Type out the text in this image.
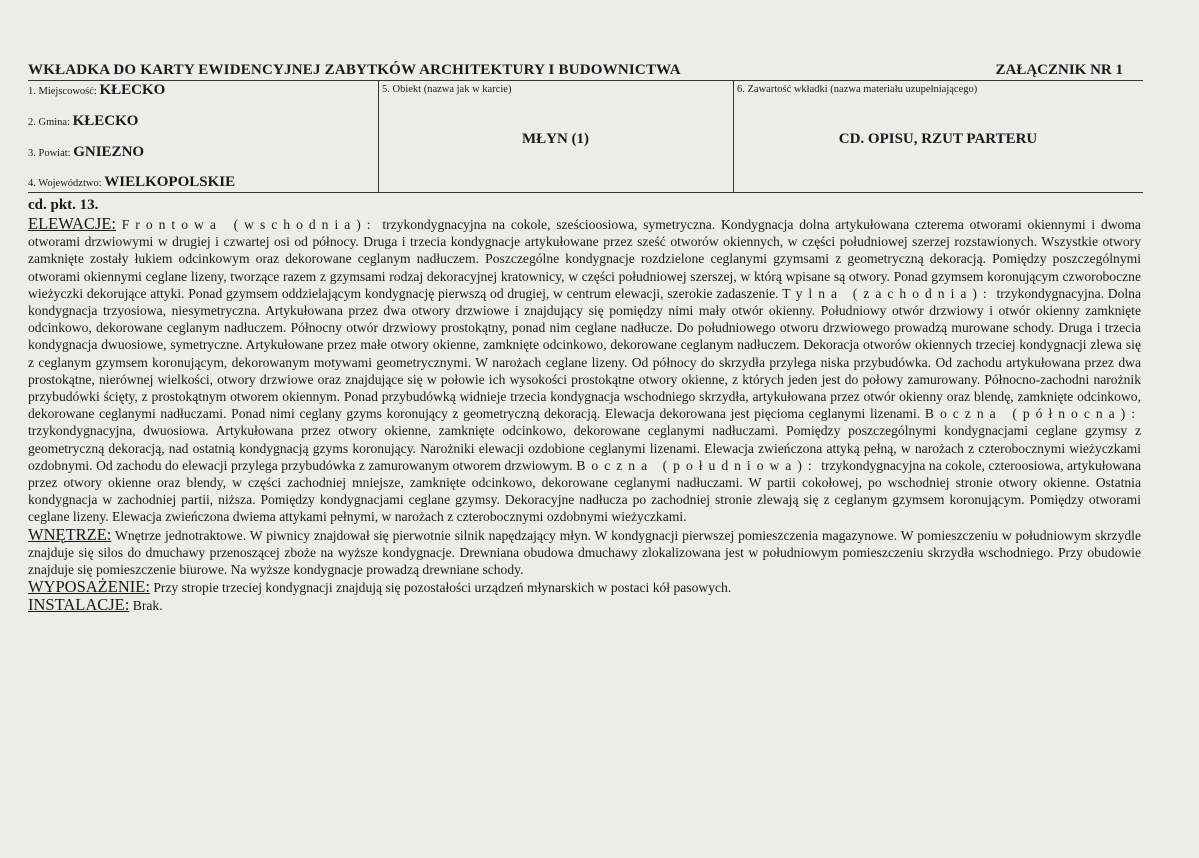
WKŁADKA DO KARTY EWIDENCYJNEJ ZABYTKÓW ARCHITEKTURY I BUDOWNICTWA	ZAŁĄCZNIK NR 1
1. Miejscowość: KŁECKO
2. Gmina: KŁECKO
3. Powiat: GNIEZNO
4. Województwo: WIELKOPOLSKIE
5. Obiekt (nazwa jak w karcie)
MŁYN (1)
6. Zawartość wkładki (nazwa materiału uzupełniającego)
CD. OPISU, RZUT PARTERU
cd. pkt. 13.

ELEWACJE: Frontowa (wschodnia): trzykondygnacyjna na cokole, sześcioosiowa, symetryczna. Kondygnacja dolna artykułowana czterema otworami okiennymi i dwoma otworami drzwiowymi w drugiej i czwartej osi od północy. Druga i trzecia kondygnacje artykułowane przez sześć otworów okiennych, w części południowej szerzej rozstawionych. Wszystkie otwory zamknięte zostały łukiem odcinkowym oraz dekorowane ceglanym nadłuczem. Poszczególne kondygnacje rozdzielone ceglanymi gzymsami z geometryczną dekoracją. Pomiędzy poszczególnymi otworami okiennymi ceglane lizeny, tworzące razem z gzymsami rodzaj dekoracyjnej kratownicy, w części południowej szerszej, w którą wpisane są otwory. Ponad gzymsem koronującym czworoboczne wieżyczki dekorujące attyki. Ponad gzymsem oddzielającym kondygnację pierwszą od drugiej, w centrum elewacji, szerokie zadaszenie. Tylna (zachodnia): trzykondygnacyjna. Dolna kondygnacja trzyosiowa, niesymetryczna. Artykułowana przez dwa otwory drzwiowe i znajdujący się pomiędzy nimi mały otwór okienny. Południowy otwór drzwiowy i otwór okienny zamknięte odcinkowo, dekorowane ceglanym nadłuczem. Północny otwór drzwiowy prostokątny, ponad nim ceglane nadłucze. Do południowego otworu drzwiowego prowadzą murowane schody. Druga i trzecia kondygnacja dwuosiowe, symetryczne. Artykułowane przez małe otwory okienne, zamknięte odcinkowo, dekorowane ceglanym nadłuczem. Dekoracja otworów okiennych trzeciej kondygnacji zlewa się z ceglanym gzymsem koronującym, dekorowanym motywami geometrycznymi. W narożach ceglane lizeny. Od północy do skrzydła przylega niska przybudówka. Od zachodu artykułowana przez dwa prostokątne, nierównej wielkości, otwory drzwiowe oraz znajdujące się w połowie ich wysokości prostokątne otwory okienne, z których jeden jest do połowy zamurowany. Północno-zachodni narożnik przybudówki ścięty, z prostokątnym otworem okiennym. Ponad przybudówką widnieje trzecia kondygnacja wschodniego skrzydła, artykułowana przez otwór okienny oraz blendę, zamknięte odcinkowo, dekorowane ceglanymi nadłuczami. Ponad nimi ceglany gzyms koronujący z geometryczną dekoracją. Elewacja dekorowana jest pięcioma ceglanymi lizenami. Boczna (północna): trzykondygnacyjna, dwuosiowa. Artykułowana przez otwory okienne, zamknięte odcinkowo, dekorowane ceglanymi nadłuczami. Pomiędzy poszczególnymi kondygnacjami ceglane gzymsy z geometryczną dekoracją, nad ostatnią kondygnacją gzyms koronujący. Narożniki elewacji ozdobione ceglanymi lizenami. Elewacja zwieńczona attyką pełną, w narożach z czterobocznymi wieżyczkami ozdobnymi. Od zachodu do elewacji przylega przybudówka z zamurowanym otworem drzwiowym. Boczna (południowa): trzykondygnacyjna na cokole, czteroosiowa, artykułowana przez otwory okienne oraz blendy, w części zachodniej mniejsze, zamknięte odcinkowo, dekorowane ceglanymi nadłuczami. W partii cokołowej, po wschodniej stronie otwory okienne. Ostatnia kondygnacja w zachodniej partii, niższa. Pomiędzy kondygnacjami ceglane gzymsy. Dekoracyjne nadłucza po zachodniej stronie zlewają się z ceglanym gzymsem koronującym. Pomiędzy otworami ceglane lizeny. Elewacja zwieńczona dwiema attykami pełnymi, w narożach z czterobocznymi ozdobnymi wieżyczkami.

WNĘTRZE: Wnętrze jednotraktowe. W piwnicy znajdował się pierwotnie silnik napędzający młyn. W kondygnacji pierwszej pomieszczenia magazynowe. W pomieszczeniu w południowym skrzydle znajduje się silos do dmuchawy przenoszącej zboże na wyższe kondygnacje. Drewniana obudowa dmuchawy zlokalizowana jest w południowym pomieszczeniu skrzydła wschodniego. Przy obudowie znajduje się pomieszczenie biurowe. Na wyższe kondygnacje prowadzą drewniane schody.

WYPOSAŻENIE: Przy stropie trzeciej kondygnacji znajdują się pozostałości urządzeń młynarskich w postaci kół pasowych.

INSTALACJE: Brak.
